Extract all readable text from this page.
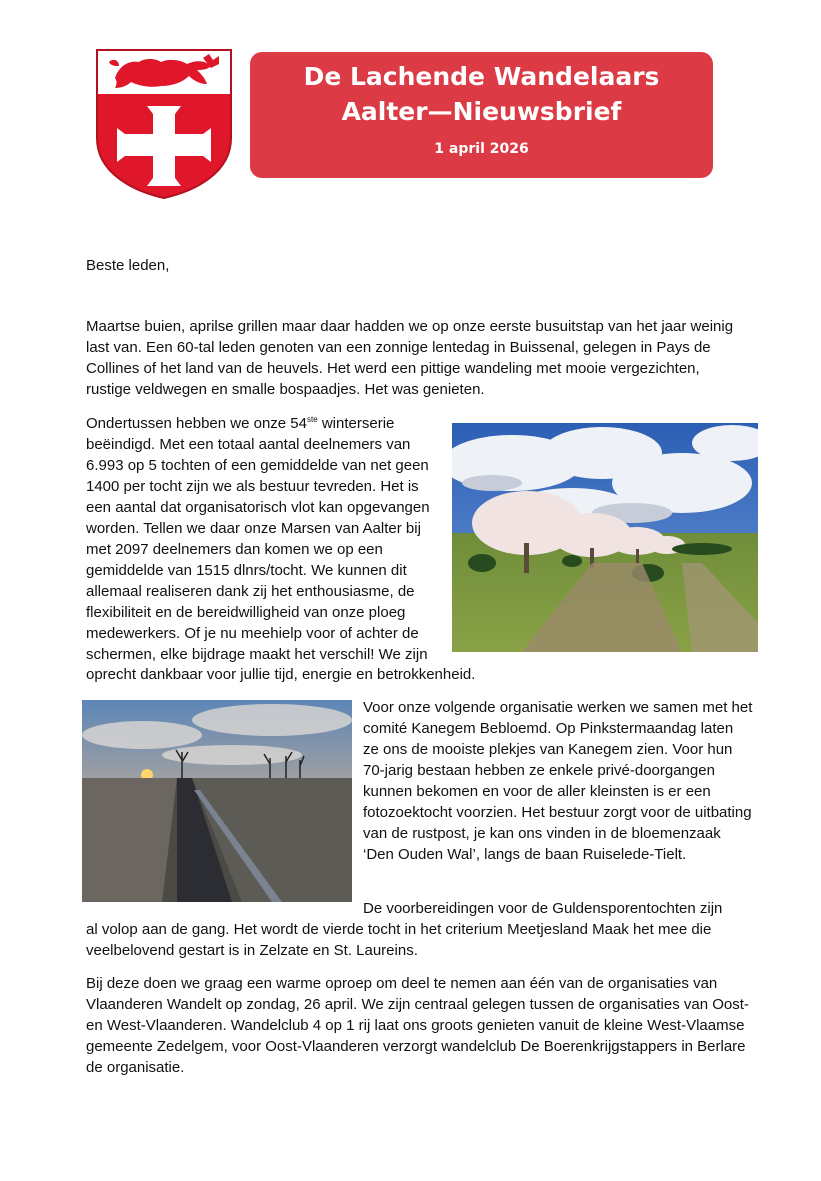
De Lachende Wandelaars
Aalter—Nieuwsbrief
1 april 2026

Beste leden,

Maartse buien, aprilse grillen maar daar hadden we op onze eerste busuitstap van het jaar weinig last van. Een 60-tal leden genoten van een zonnige lentedag in Buissenal, gelegen in Pays de Collines of het land van de heuvels. Het werd een pittige wandeling met mooie vergezichten, rustige veldwegen en smalle bospaadjes. Het was genieten.

Ondertussen hebben we onze 54ste winterserie beëindigd. Met een totaal aantal deelnemers van 6.993 op 5 tochten of een gemiddelde van net geen 1400 per tocht zijn we als bestuur tevreden. Het is een aantal dat organisatorisch vlot kan opgevangen worden. Tellen we daar onze Marsen van Aalter bij met 2097 deelnemers dan komen we op een gemiddelde van 1515 dlnrs/tocht. We kunnen dit allemaal realiseren dank zij het enthousiasme, de flexibiliteit en de bereidwilligheid van onze ploeg medewerkers. Of je nu meehielp voor of achter de schermen, elke bijdrage maakt het verschil! We zijn

oprecht dankbaar voor jullie tijd, energie en betrokkenheid.

Voor onze volgende organisatie werken we samen met het comité Kanegem Bebloemd. Op Pinkstermaandag laten ze ons de mooiste plekjes van Kanegem zien. Voor hun 70-jarig bestaan hebben ze enkele privé-doorgangen kunnen bekomen en voor de aller kleinsten is er een fotozoektocht voorzien. Het bestuur zorgt voor de uitbating van de rustpost, je kan ons vinden in de bloemenzaak ‘Den Ouden Wal’, langs de baan Ruiselede-Tielt.

De voorbereidingen voor de Guldensporentochten zijn

al volop aan de gang. Het wordt de vierde tocht in het criterium Meetjesland Maak het mee die veelbelovend gestart is in Zelzate en St. Laureins.

Bij deze doen we graag een warme oproep om deel te nemen aan één van de organisaties van Vlaanderen Wandelt op zondag, 26 april. We zijn centraal gelegen tussen de organisaties van Oost- en West-Vlaanderen. Wandelclub 4 op 1 rij laat ons groots genieten vanuit de kleine West-Vlaamse gemeente Zedelgem, voor Oost-Vlaanderen verzorgt wandelclub De Boerenkrijgstappers in Berlare de organisatie.
